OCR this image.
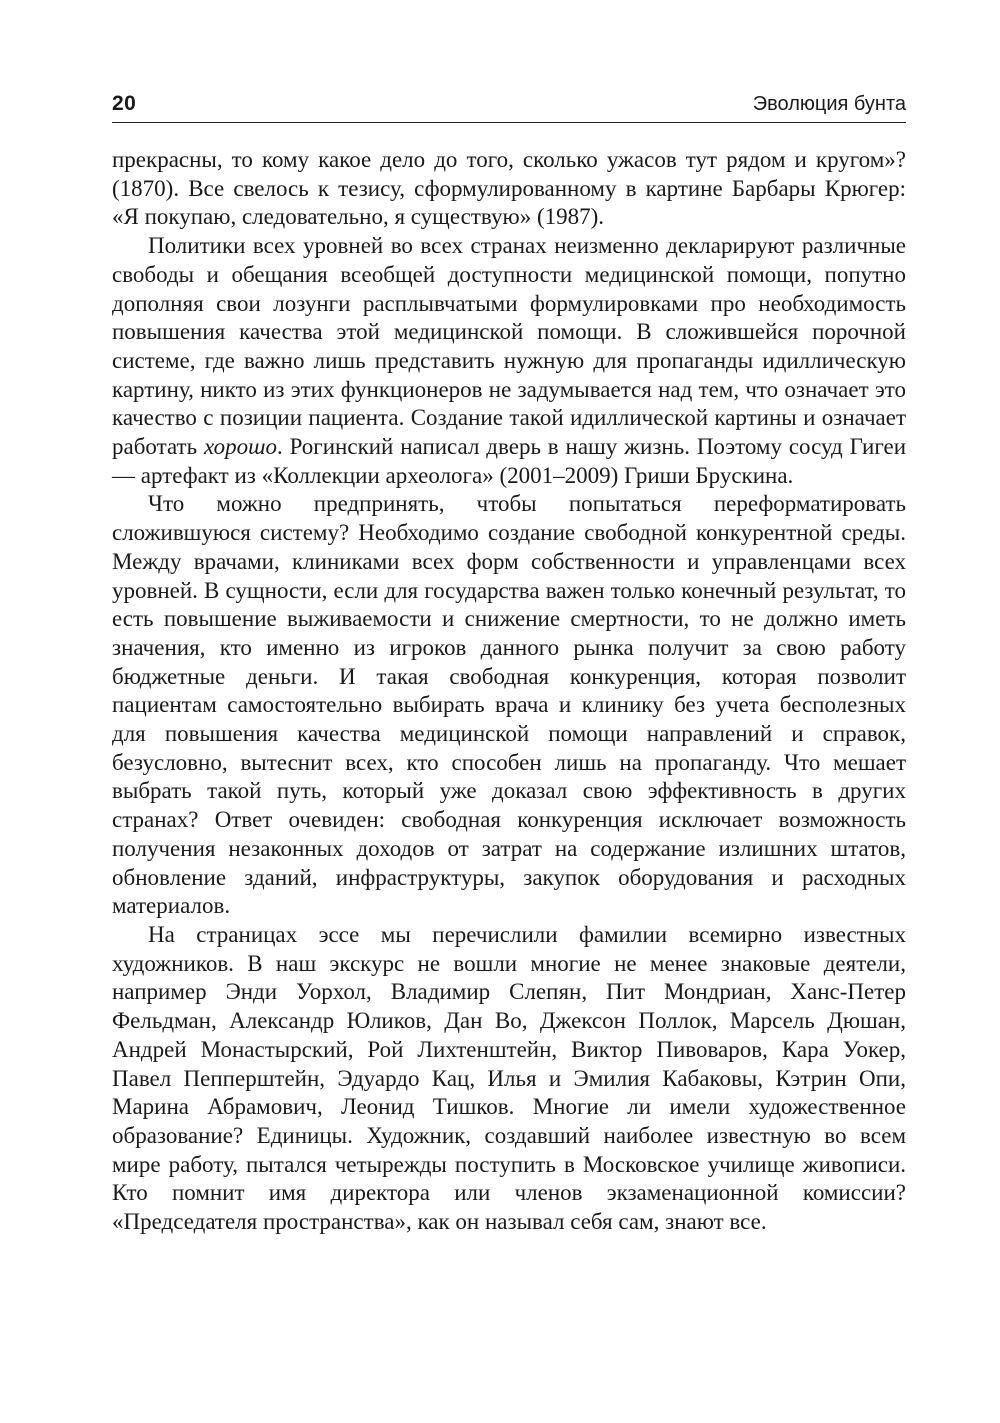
20	Эволюция бунта

прекрасны, то кому какое дело до того, сколько ужасов тут рядом и кругом»? (1870). Все свелось к тезису, сформулированному в картине Барбары Крюгер: «Я покупаю, следовательно, я существую» (1987).

Политики всех уровней во всех странах неизменно декларируют различные свободы и обещания всеобщей доступности медицинской помощи, попутно дополняя свои лозунги расплывчатыми формулировками про необходимость повышения качества этой медицинской помощи. В сложившейся порочной системе, где важно лишь представить нужную для пропаганды идиллическую картину, никто из этих функционеров не задумывается над тем, что означает это качество с позиции пациента. Создание такой идиллической картины и означает работать хорошо. Рогинский написал дверь в нашу жизнь. Поэтому сосуд Гигеи — артефакт из «Коллекции археолога» (2001–2009) Гриши Брускина.

Что можно предпринять, чтобы попытаться переформатировать сложившуюся систему? Необходимо создание свободной конкурентной среды. Между врачами, клиниками всех форм собственности и управленцами всех уровней. В сущности, если для государства важен только конечный результат, то есть повышение выживаемости и снижение смертности, то не должно иметь значения, кто именно из игроков данного рынка получит за свою работу бюджетные деньги. И такая свободная конкуренция, которая позволит пациентам самостоятельно выбирать врача и клинику без учета бесполезных для повышения качества медицинской помощи направлений и справок, безусловно, вытеснит всех, кто способен лишь на пропаганду. Что мешает выбрать такой путь, который уже доказал свою эффективность в других странах? Ответ очевиден: свободная конкуренция исключает возможность получения незаконных доходов от затрат на содержание излишних штатов, обновление зданий, инфраструктуры, закупок оборудования и расходных материалов.

На страницах эссе мы перечислили фамилии всемирно известных художников. В наш экскурс не вошли многие не менее знаковые деятели, например Энди Уорхол, Владимир Слепян, Пит Мондриан, Ханс-Петер Фельдман, Александр Юликов, Дан Во, Джексон Поллок, Марсель Дюшан, Андрей Монастырский, Рой Лихтенштейн, Виктор Пивоваров, Кара Уокер, Павел Пепперштейн, Эдуардо Кац, Илья и Эмилия Кабаковы, Кэтрин Опи, Марина Абрамович, Леонид Тишков. Многие ли имели художественное образование? Единицы. Художник, создавший наиболее известную во всем мире работу, пытался четырежды поступить в Московское училище живописи. Кто помнит имя директора или членов экзаменационной комиссии? «Председателя пространства», как он называл себя сам, знают все.
